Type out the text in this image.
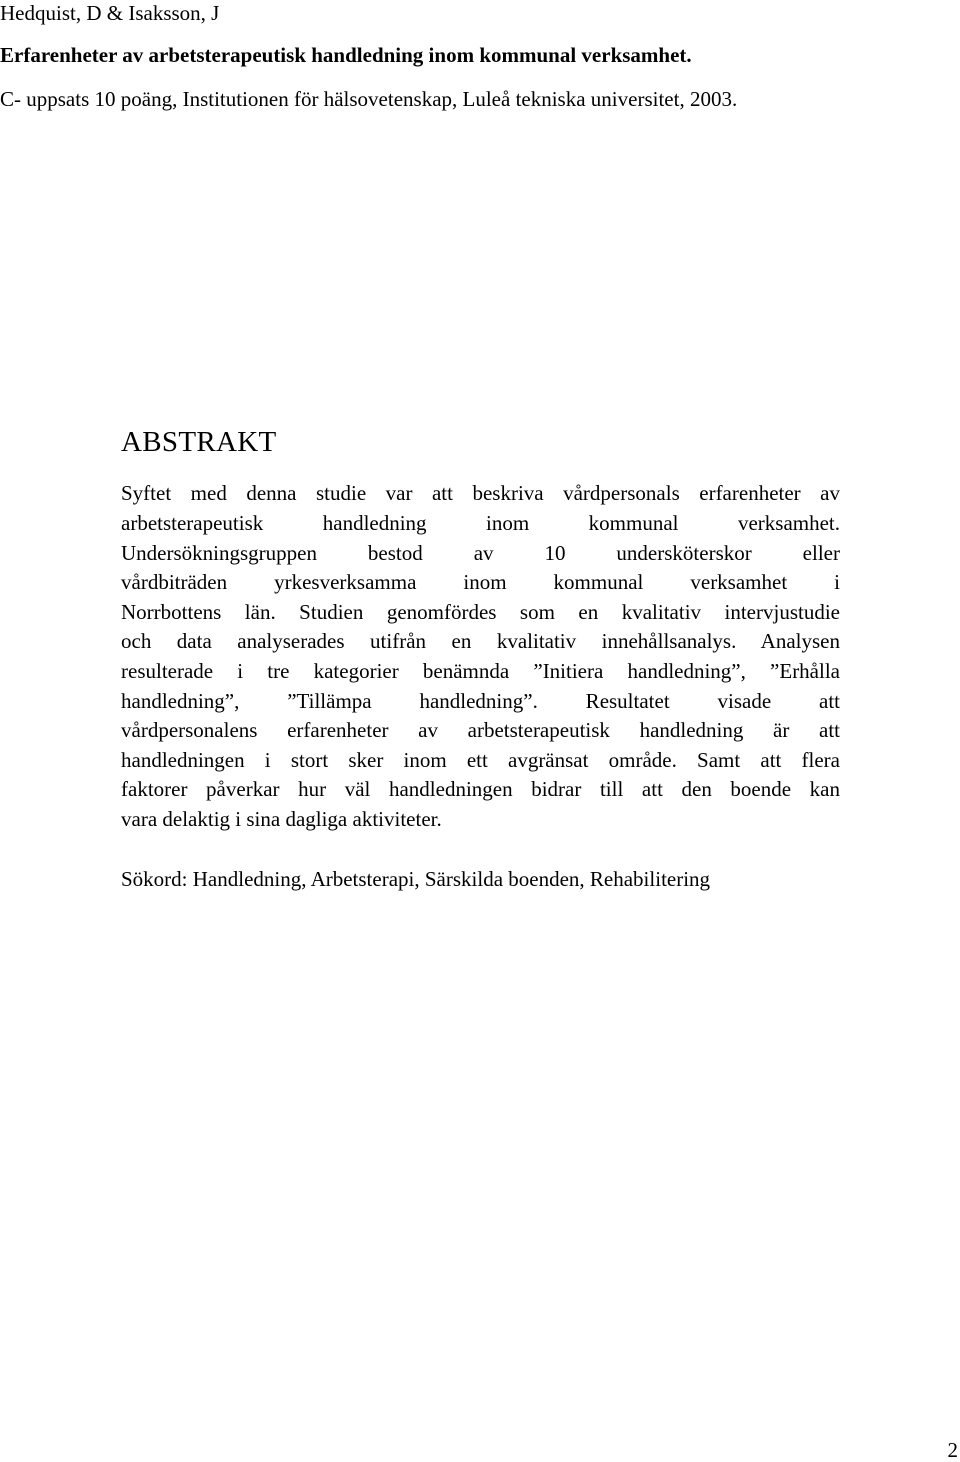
Hedquist, D & Isaksson, J
Erfarenheter av arbetsterapeutisk handledning inom kommunal verksamhet.
C- uppsats 10 poäng, Institutionen för hälsovetenskap, Luleå tekniska universitet, 2003.
ABSTRAKT
Syftet med denna studie var att beskriva vårdpersonals erfarenheter av
arbetsterapeutisk handledning inom kommunal verksamhet.
Undersökningsgruppen bestod av 10 undersköterskor eller
vårdbiträden yrkesverksamma inom kommunal verksamhet i
Norrbottens län. Studien genomfördes som en kvalitativ intervjustudie
och data analyserades utifrån en kvalitativ innehållsanalys. Analysen
resulterade i tre kategorier benämnda ”Initiera handledning”, ”Erhålla
handledning”, ”Tillämpa handledning”. Resultatet visade att
vårdpersonalens erfarenheter av arbetsterapeutisk handledning är att
handledningen i stort sker inom ett avgränsat område. Samt att flera
faktorer påverkar hur väl handledningen bidrar till att den boende kan
vara delaktig i sina dagliga aktiviteter.
Sökord: Handledning, Arbetsterapi, Särskilda boenden, Rehabilitering
2
